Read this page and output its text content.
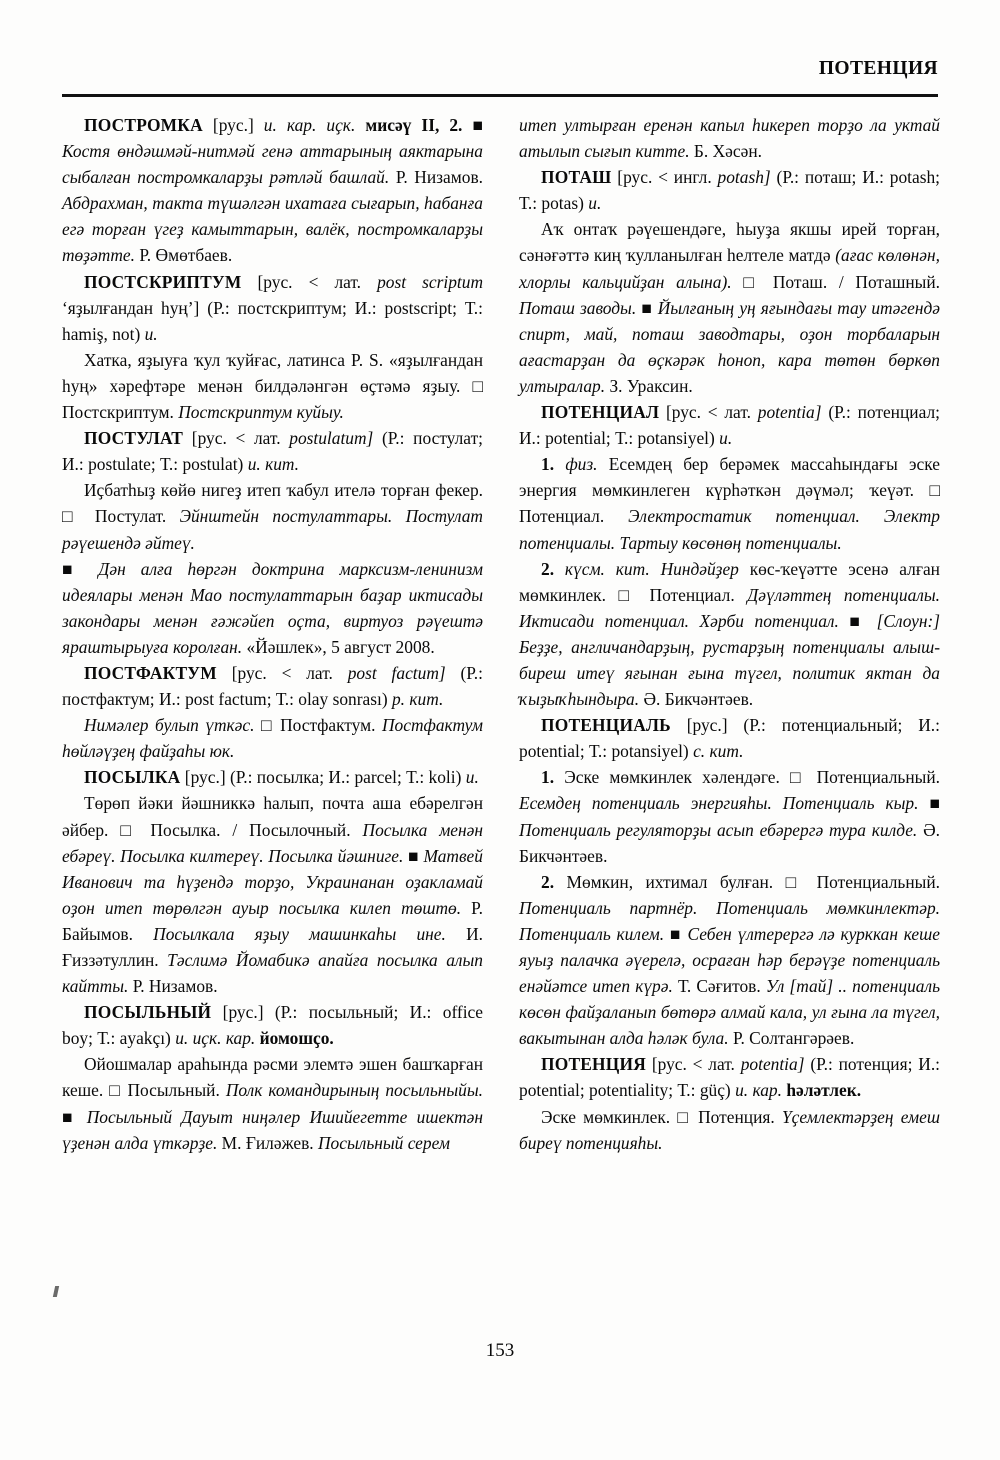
ПОТЕНЦИЯ

ПОСТРОМКА [рус.] и. кар. иҫк. мисәү II, 2. ■ Костя өндәшмәй-нитмәй генә аттарының аяктарына сыбалған постромкаларҙы рәтләй башлай. Р. Низамов. Абдрахман, такта түшәлгән ихатаға сығарып, һабанға егә торған үгеҙ камыттарын, валёк, постромкаларҙы төҙәтте. Р. Өмөтбаев.

ПОСТСКРИПТУМ [рус. < лат. post scriptum ‘яҙылғандан һуң’] (Р.: постскриптум; И.: postscript; Т.: hamiş, not) и.

Хатка, яҙыуға ҡул ҡуйғас, латинса P. S. «яҙылғандан һуң» хәрефтәре менән билдәләнгән өҫтәмә яҙыу. □ Постскриптум. Постскриптум куйыу.

ПОСТУЛАТ [рус. < лат. postulatum] (Р.: постулат; И.: postulate; Т.: postulat) и. кит.

Иҫбатһыҙ көйө нигеҙ итеп ҡабул ителә торған фекер. □ Постулат. Эйнштейн постулаттары. Постулат рәүешендә әйтеү.

■ Дән алға һөргән доктрина марксизм-ленинизм идеялары менән Мао постулаттарын баҙар иктисады закондары менән ғәжәйеп оҫта, виртуоз рәүештә яраштырыуға королған. «Йәшлек», 5 август 2008.

ПОСТФАКТУМ [рус. < лат. post factum] (Р.: постфактум; И.: post factum; Т.: olay sonrası) р. кит.

Нимәлер булып үткәс. □ Постфактум. Постфактум һөйләүҙең файҙаһы юк.

ПОСЫЛКА [рус.] (Р.: посылка; И.: parcel; Т.: koli) и.

Төрөп йәки йәшниккә һалып, почта аша ебәрелгән әйбер. □ Посылка. / Посылочный. Посылка менән ебәреү. Посылка килтереү. Посылка йәшниге. ■ Матвей Иванович та һүҙендә торҙо, Украинанан оҙакламай оҙон итеп төрөлгән ауыр посылка килеп төштө. Р. Байымов. Посылкала яҙыу машинкаһы ине. И. Ғиззәтуллин. Тәслимә Йомабикә апайға посылка алып кайтты. Р. Низамов.

ПОСЫЛЬНЫЙ [рус.] (Р.: посыльный; И.: office boy; Т.: ayakçı) и. иҫк. кар. йомошҫо.

Ойошмалар араһында рәсми элемтә эшен башҡарған кеше. □ Посыльный. Полк командирының посыльныйы. ■ Посыльный Дауыт ниңәлер Ишийегетте ишектән үҙенән алда үткәрҙе. М. Ғиләжев. Посыльный серем

итеп ултырған еренән капыл һикереп торҙо ла уктай атылып сығып китте. Б. Хәсән.

ПОТАШ [рус. < ингл. potash] (Р.: поташ; И.: potash; Т.: potas) и.

Аҡ онтаҡ рәүешендәге, һыуҙа якшы ирей торған, сәнәғәттә киң ҡулланылған һелтеле матдә (ағас көлөнән, хлорлы кальцийҙан алына). □ Поташ. / Поташный. Поташ заводы. ■ Йылғаның уң яғындағы тау итәгендә спирт, май, поташ заводтары, оҙон торбаларын ағастарҙан да өҫкәрәк һоноп, кара төтөн бөркөп ултыралар. З. Ураксин.

ПОТЕНЦИАЛ [рус. < лат. potentia] (Р.: потенциал; И.: potential; Т.: potansiyel) и.

1. физ. Есемдең бер берәмек массаһындағы эске энергия мөмкинлеген күрһәткән дәүмәл; ҡеүәт. □ Потенциал. Электростатик потенциал. Электр потенциалы. Тартыу көсөнөң потенциалы.

2. күсм. кит. Ниндәйҙер көс-ҡеүәтте эсенә алған мөмкинлек. □	Потенциал. Дәүләттең потенциалы. Иктисади потенциал. Хәрби потенциал. ■ [Слоун:] Беҙҙе, англичандарҙың, рустарҙың потенциалы алыш-биреш итеү яғынан ғына түгел, политик яктан да ҡыҙыҡһындыра. Ә. Бикчәнтәев.

ПОТЕНЦИАЛЬ [рус.] (Р.: потенциальный; И.: potential; Т.: potansiyel) с. кит.

1. Эске мөмкинлек хәлендәге. □ Потенциальный. Есемдең потенциаль энергияһы. Потенциаль кыр. ■ Потенциаль регуляторҙы асып ебәрергә тура килде. Ә. Бикчәнтәев.

2. Мөмкин, ихтимал булған. □ Потенциальный. Потенциаль партнёр. Потенциаль мөмкинлектәр. Потенциаль килем. ■ Себен үлтерергә лә курккан кеше яуыҙ палачка әүерелә, осраған һәр берәүҙе потенциаль енәйәтсе итеп күрә. Т. Сәғитов. Ул [тай] .. потенциаль көсөн файҙаланып бөтөрә алмай кала, ул ғына ла түгел, вакытынан алда һәләк була. Р. Солтангәрәев.

ПОТЕНЦИЯ [рус. < лат. potentia] (Р.: потенция; И.: potential; potentiality; Т.: güç) и. кар. һәләтлек.

Эске мөмкинлек. □ Потенция. Үҫемлектәрҙең емеш биреү потенцияһы.

153
